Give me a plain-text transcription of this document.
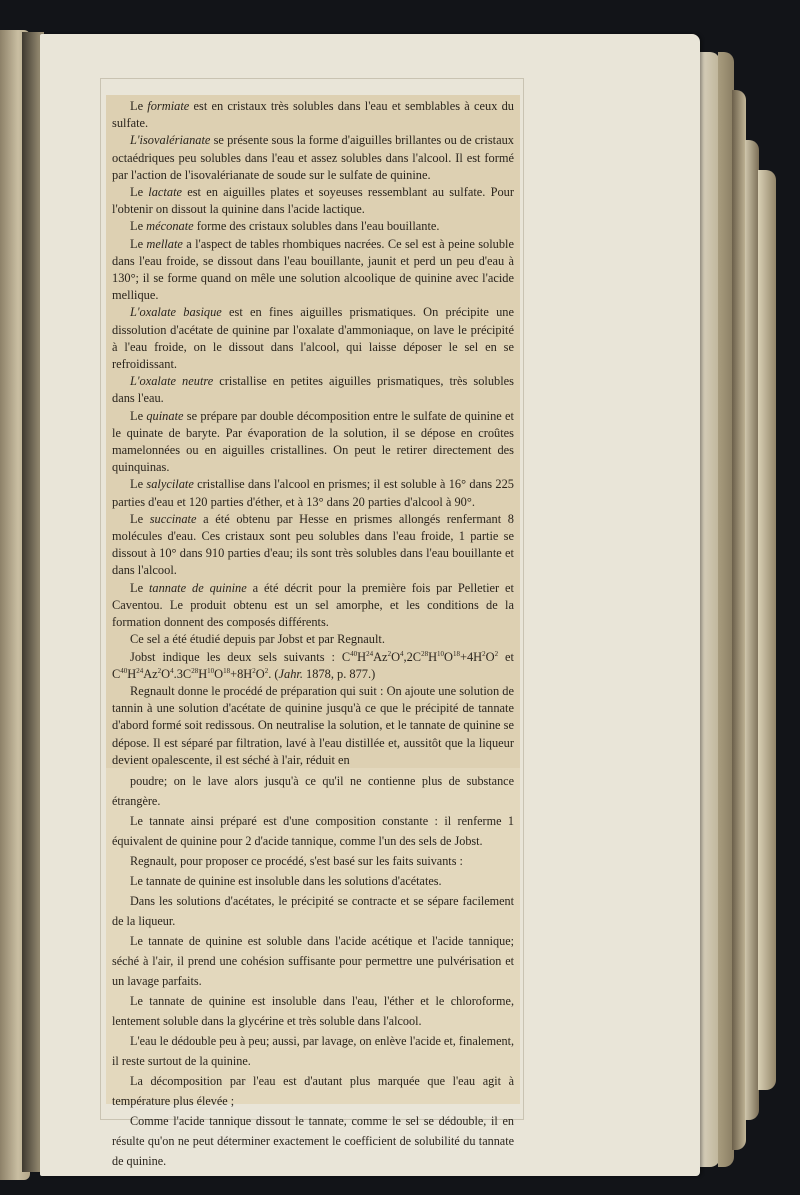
Le formiate est en cristaux très solubles dans l'eau et semblables à ceux du sulfate.

L'isovalérianate se présente sous la forme d'aiguilles brillantes ou de cristaux octaédriques peu solubles dans l'eau et assez solubles dans l'alcool. Il est formé par l'action de l'isovalérianate de soude sur le sulfate de quinine.

Le lactate est en aiguilles plates et soyeuses ressemblant au sulfate. Pour l'obtenir on dissout la quinine dans l'acide lactique.

Le méconate forme des cristaux solubles dans l'eau bouillante.

Le mellate a l'aspect de tables rhombiques nacrées. Ce sel est à peine soluble dans l'eau froide, se dissout dans l'eau bouillante, jaunit et perd un peu d'eau à 130°; il se forme quand on mêle une solution alcoolique de quinine avec l'acide mellique.

L'oxalate basique est en fines aiguilles prismatiques. On précipite une dissolution d'acétate de quinine par l'oxalate d'ammoniaque, on lave le précipité à l'eau froide, on le dissout dans l'alcool, qui laisse déposer le sel en se refroidissant.

L'oxalate neutre cristallise en petites aiguilles prismatiques, très solubles dans l'eau.

Le quinate se prépare par double décomposition entre le sulfate de quinine et le quinate de baryte. Par évaporation de la solution, il se dépose en croûtes mamelonnées ou en aiguilles cristallines. On peut le retirer directement des quinquinas.

Le salycilate cristallise dans l'alcool en prismes; il est soluble à 16° dans 225 parties d'eau et 120 parties d'éther, et à 13° dans 20 parties d'alcool à 90°.

Le succinate a été obtenu par Hesse en prismes allongés renfermant 8 molécules d'eau. Ces cristaux sont peu solubles dans l'eau froide, 1 partie se dissout à 10° dans 910 parties d'eau; ils sont très solubles dans l'eau bouillante et dans l'alcool.

Le tannate de quinine a été décrit pour la première fois par Pelletier et Caventou. Le produit obtenu est un sel amorphe, et les conditions de la formation donnent des composés différents.

Ce sel a été étudié depuis par Jobst et par Regnault.

Jobst indique les deux sels suivants : $C^{40}H^{24}Az^2O^4,2C^{28}H^{10}O^{18}+4H^2O^2$ et $C^{40}H^{24}Az^2O^4.3C^{28}H^{10}O^{18}+8H^2O^2$. (Jahr. 1878, p. 877.)

Regnault donne le procédé de préparation qui suit : On ajoute une solution de tannin à une solution d'acétate de quinine jusqu'à ce que le précipité de tannate d'abord formé soit redissous. On neutralise la solution, et le tannate de quinine se dépose. Il est séparé par filtration, lavé à l'eau distillée et, aussitôt que la liqueur devient opalescente, il est séché à l'air, réduit en

poudre; on le lave alors jusqu'à ce qu'il ne contienne plus de substance étrangère.

Le tannate ainsi préparé est d'une composition constante : il renferme 1 équivalent de quinine pour 2 d'acide tannique, comme l'un des sels de Jobst.

Regnault, pour proposer ce procédé, s'est basé sur les faits suivants :

Le tannate de quinine est insoluble dans les solutions d'acétates.

Dans les solutions d'acétates, le précipité se contracte et se sépare facilement de la liqueur.

Le tannate de quinine est soluble dans l'acide acétique et l'acide tannique; séché à l'air, il prend une cohésion suffisante pour permettre une pulvérisation et un lavage parfaits.

Le tannate de quinine est insoluble dans l'eau, l'éther et le chloroforme, lentement soluble dans la glycérine et très soluble dans l'alcool.

L'eau le dédouble peu à peu; aussi, par lavage, on enlève l'acide et, finalement, il reste surtout de la quinine.

La décomposition par l'eau est d'autant plus marquée que l'eau agit à température plus élevée ;

Comme l'acide tannique dissout le tannate, comme le sel se dédouble, il en résulte qu'on ne peut déterminer exactement le coefficient de solubilité du tannate de quinine.
